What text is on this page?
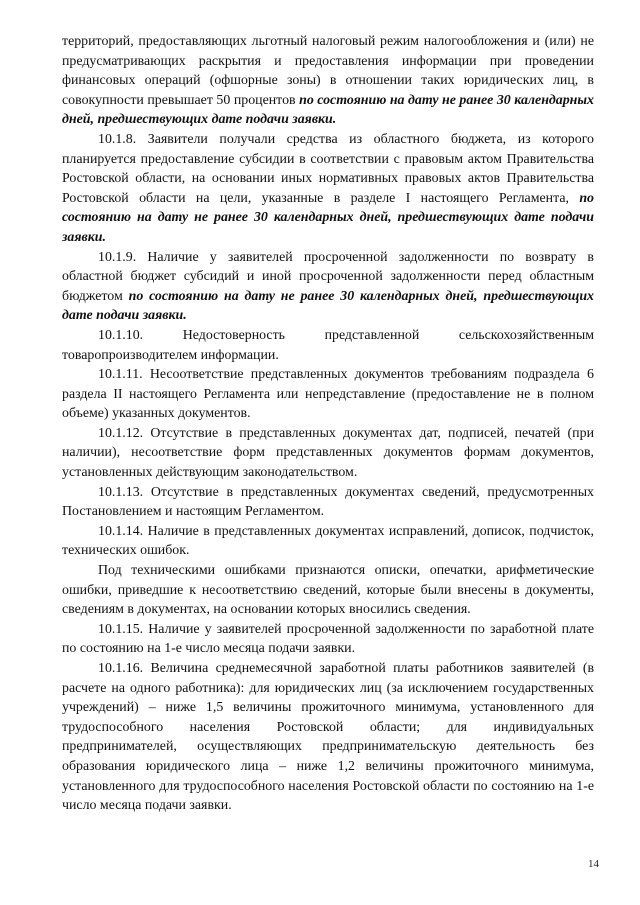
территорий, предоставляющих льготный налоговый режим налогообложения и (или) не предусматривающих раскрытия и предоставления информации при проведении финансовых операций (офшорные зоны) в отношении таких юридических лиц, в совокупности превышает 50 процентов по состоянию на дату не ранее 30 календарных дней, предшествующих дате подачи заявки.

10.1.8. Заявители получали средства из областного бюджета, из которого планируется предоставление субсидии в соответствии с правовым актом Правительства Ростовской области, на основании иных нормативных правовых актов Правительства Ростовской области на цели, указанные в разделе I настоящего Регламента, по состоянию на дату не ранее 30 календарных дней, предшествующих дате подачи заявки.

10.1.9. Наличие у заявителей просроченной задолженности по возврату в областной бюджет субсидий и иной просроченной задолженности перед областным бюджетом по состоянию на дату не ранее 30 календарных дней, предшествующих дате подачи заявки.

10.1.10. Недостоверность представленной сельскохозяйственным товаропроизводителем информации.

10.1.11. Несоответствие представленных документов требованиям подраздела 6 раздела II настоящего Регламента или непредставление (предоставление не в полном объеме) указанных документов.

10.1.12. Отсутствие в представленных документах дат, подписей, печатей (при наличии), несоответствие форм представленных документов формам документов, установленных действующим законодательством.

10.1.13. Отсутствие в представленных документах сведений, предусмотренных Постановлением и настоящим Регламентом.

10.1.14. Наличие в представленных документах исправлений, дописок, подчисток, технических ошибок.

Под техническими ошибками признаются описки, опечатки, арифметические ошибки, приведшие к несоответствию сведений, которые были внесены в документы, сведениям в документах, на основании которых вносились сведения.

10.1.15. Наличие у заявителей просроченной задолженности по заработной плате по состоянию на 1-е число месяца подачи заявки.

10.1.16. Величина среднемесячной заработной платы работников заявителей (в расчете на одного работника): для юридических лиц (за исключением государственных учреждений) – ниже 1,5 величины прожиточного минимума, установленного для трудоспособного населения Ростовской области; для индивидуальных предпринимателей, осуществляющих предпринимательскую деятельность без образования юридического лица – ниже 1,2 величины прожиточного минимума, установленного для трудоспособного населения Ростовской области по состоянию на 1-е число месяца подачи заявки.

14
